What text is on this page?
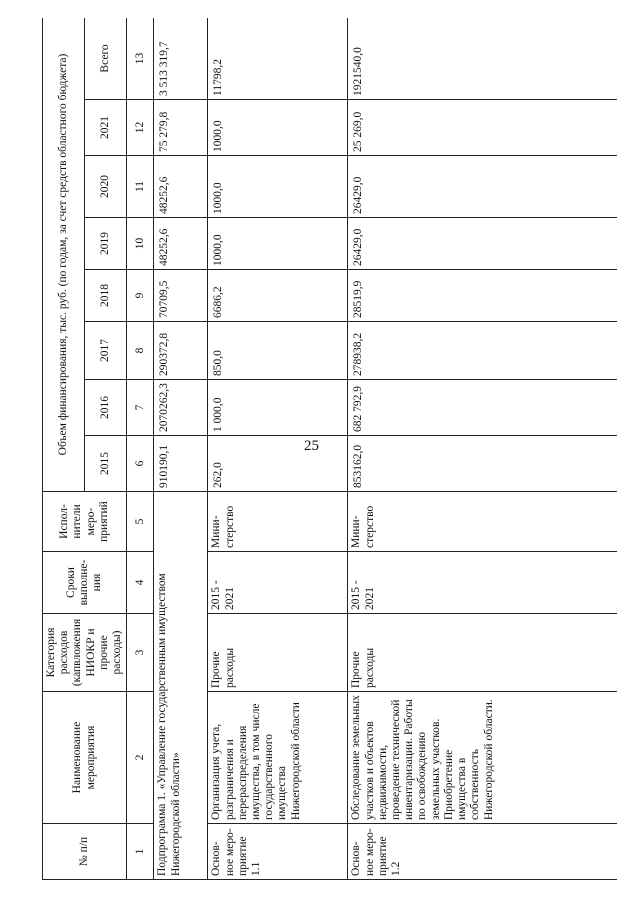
25
№ п/п	Наименование мероприятия	Категория расходов (капвложения НИОКР и прочие расходы)	Сроки выполне-ния	Испол-нители меро-приятий	Объем финансирования, тыс. руб. (по годам, за счет средств областного бюджета)							
					2015	2016	2017	2018	2019	2020	2021	Всего
1	2	3	4	5	6	7	8	9	10	11	12	13
Подпрограмма 1. «Управление государственным имуществом Нижегородской области»					910190,1	2070262,3	290372,8	70709,5	48252,6	48252,6	75 279,8	3 513 319,7
Основ-ное меро-приятие 1.1	Организация учета, разграничения и перераспределения имущества, в том числе государственного имущества Нижегородской области	Прочие расходы	2015 - 2021	Мини-стерство	262,0	1 000,0	850,0	6686,2	1000,0	1000,0	1000,0	11798,2
Основ-ное меро-приятие 1.2	Обследование земельных участков и объектов недвижимости, проведение технической инвентаризации. Работы по освобождению земельных участков. Приобретение имущества в собственность Нижегородской области.	Прочие расходы	2015 - 2021	Мини-стерство	853162,0	682 792,9	278938,2	28519,9	26429,0	26429,0	25 269,0	1921540,0
